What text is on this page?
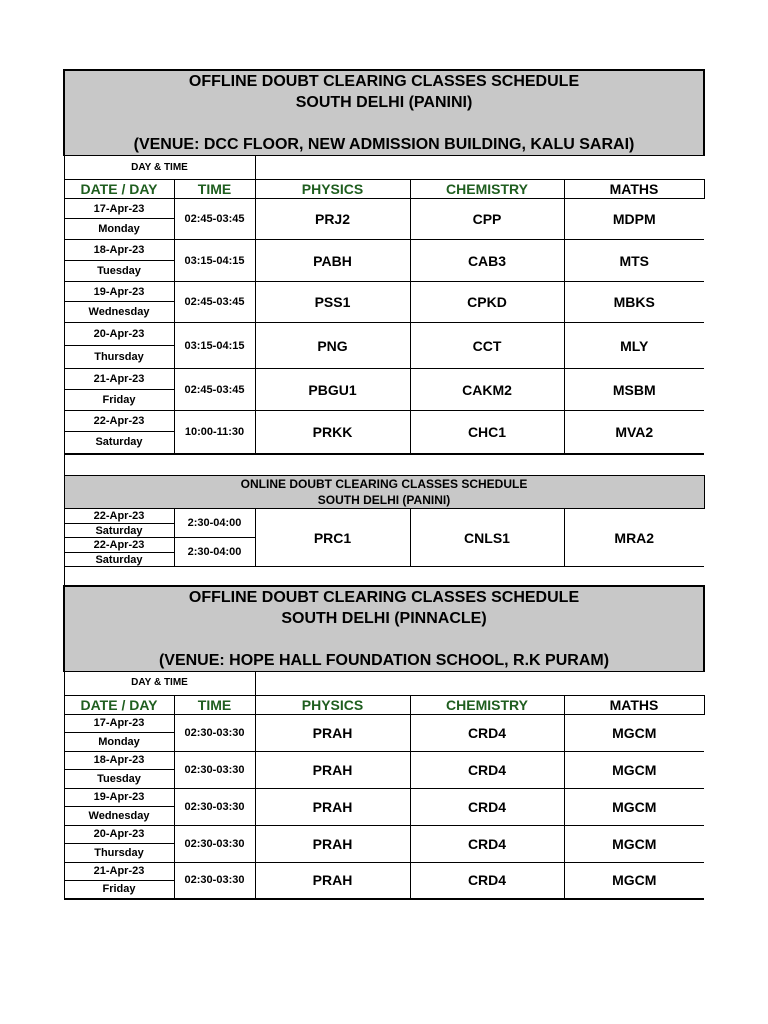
OFFLINE DOUBT CLEARING CLASSES SCHEDULE
SOUTH DELHI (PANINI)
(VENUE: DCC FLOOR, NEW ADMISSION BUILDING, KALU SARAI)				

DAY & TIME				
DATE / DAY	TIME	PHYSICS	CHEMISTRY	MATHS
17-Apr-23	02:45-03:45	PRJ2	CPP	MDPM
Monday				
18-Apr-23	03:15-04:15	PABH	CAB3	MTS
Tuesday				
19-Apr-23	02:45-03:45	PSS1	CPKD	MBKS
Wednesday				
20-Apr-23	03:15-04:15	PNG	CCT	MLY
Thursday				
21-Apr-23	02:45-03:45	PBGU1	CAKM2	MSBM
Friday				
22-Apr-23	10:00-11:30	PRKK	CHC1	MVA2
Saturday				

ONLINE DOUBT CLEARING CLASSES SCHEDULE
SOUTH DELHI (PANINI)				

22-Apr-23	2:30-04:00	PRC1	CNLS1	MRA2
Saturday				
22-Apr-23	2:30-04:00			
Saturday				

OFFLINE DOUBT CLEARING CLASSES SCHEDULE
SOUTH DELHI (PINNACLE)
(VENUE: HOPE HALL FOUNDATION SCHOOL, R.K PURAM)				

DAY & TIME				
DATE / DAY	TIME	PHYSICS	CHEMISTRY	MATHS
17-Apr-23	02:30-03:30	PRAH	CRD4	MGCM
Monday				
18-Apr-23	02:30-03:30	PRAH	CRD4	MGCM
Tuesday				
19-Apr-23	02:30-03:30	PRAH	CRD4	MGCM
Wednesday				
20-Apr-23	02:30-03:30	PRAH	CRD4	MGCM
Thursday				
21-Apr-23	02:30-03:30	PRAH	CRD4	MGCM
Friday				
